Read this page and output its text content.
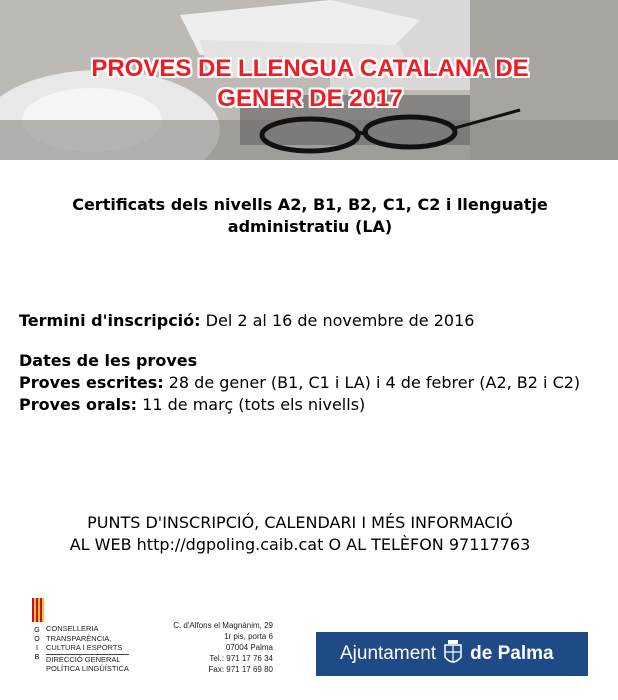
PROVES DE LLENGUA CATALANA DE
GENER DE 2017

Certificats dels nivells A2, B1, B2, C1, C2 i llenguatje
administratiu (LA)

Termini d'inscripció: Del 2 al 16 de novembre de 2016

Dates de les proves
Proves escrites: 28 de gener (B1, C1 i LA) i 4 de febrer (A2, B2 i C2)
Proves orals: 11 de març (tots els nivells)

PUNTS D'INSCRIPCIÓ, CALENDARI I MÉS INFORMACIÓ
AL WEB http://dgpoling.caib.cat O AL TELÈFON 97117763

G
O
I
B
CONSELLERIA
TRANSPARÈNCIA,
CULTURA I ESPORTS
DIRECCIÓ GENERAL
POLÍTICA LINGÜÍSTICA
C. d'Alfons el Magnànim, 29
1r pis, porta 6
07004 Palma
Tel.: 971 17 76 34
Fax: 971 17 69 80
Ajuntament de Palma
